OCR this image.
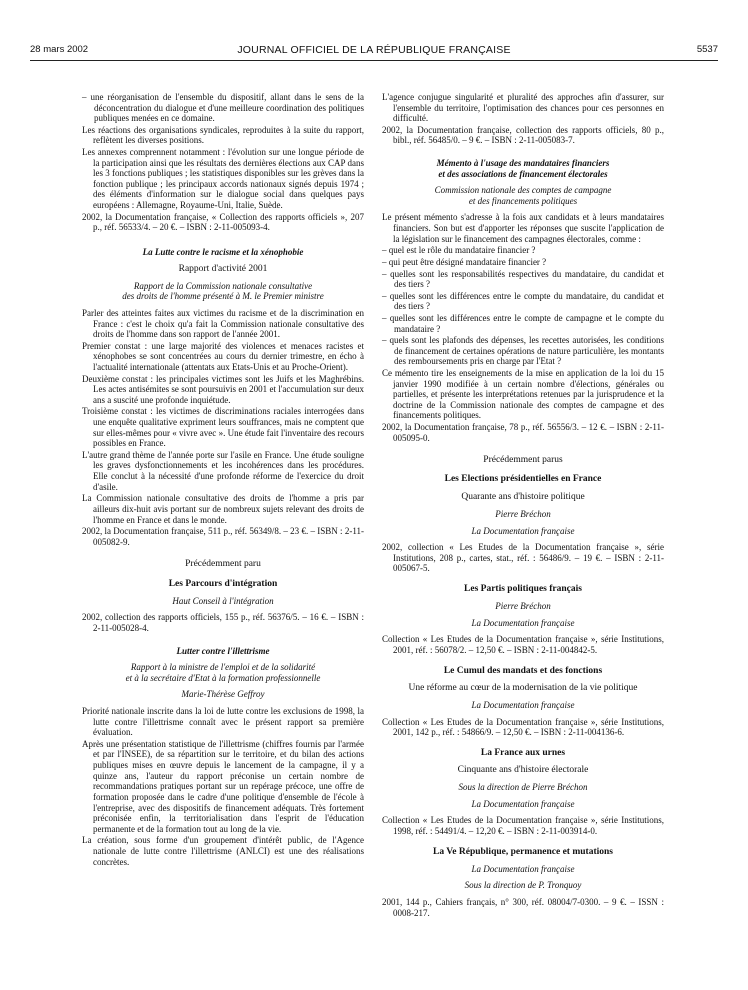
28 mars 2002	JOURNAL OFFICIEL DE LA RÉPUBLIQUE FRANÇAISE	5537

– une réorganisation de l'ensemble du dispositif, allant dans le sens de la déconcentration du dialogue et d'une meilleure coordination des politiques publiques menées en ce domaine.

Les réactions des organisations syndicales, reproduites à la suite du rapport, reflètent les diverses positions.

Les annexes comprennent notamment : l'évolution sur une longue période de la participation ainsi que les résultats des dernières élections aux CAP dans les 3 fonctions publiques ; les statistiques disponibles sur les grèves dans la fonction publique ; les principaux accords nationaux signés depuis 1974 ; des éléments d'information sur le dialogue social dans quelques pays européens : Allemagne, Royaume-Uni, Italie, Suède.

2002, la Documentation française, « Collection des rapports officiels », 207 p., réf. 56533/4. – 20 €. – ISBN : 2-11-005093-4.

La Lutte contre le racisme et la xénophobie
Rapport d'activité 2001
Rapport de la Commission nationale consultative
des droits de l'homme présenté à M. le Premier ministre

Parler des atteintes faites aux victimes du racisme et de la discrimination en France : c'est le choix qu'a fait la Commission nationale consultative des droits de l'homme dans son rapport de l'année 2001.

Premier constat : une large majorité des violences et menaces racistes et xénophobes se sont concentrées au cours du dernier trimestre, en écho à l'actualité internationale (attentats aux Etats-Unis et au Proche-Orient).

Deuxième constat : les principales victimes sont les Juifs et les Maghrébins. Les actes antisémites se sont poursuivis en 2001 et l'accumulation sur deux ans a suscité une profonde inquiétude.

Troisième constat : les victimes de discriminations raciales interrogées dans une enquête qualitative expriment leurs souffrances, mais ne comptent que sur elles-mêmes pour « vivre avec ». Une étude fait l'inventaire des recours possibles en France.

L'autre grand thème de l'année porte sur l'asile en France. Une étude souligne les graves dysfonctionnements et les incohérences dans les procédures. Elle conclut à la nécessité d'une profonde réforme de l'exercice du droit d'asile.

La Commission nationale consultative des droits de l'homme a pris par ailleurs dix-huit avis portant sur de nombreux sujets relevant des droits de l'homme en France et dans le monde.

2002, la Documentation française, 511 p., réf. 56349/8. – 23 €. – ISBN : 2-11-005082-9.

Précédemment paru
Les Parcours d'intégration
Haut Conseil à l'intégration

2002, collection des rapports officiels, 155 p., réf. 56376/5. – 16 €. – ISBN : 2-11-005028-4.

Lutter contre l'illettrisme
Rapport à la ministre de l'emploi et de la solidarité
et à la secrétaire d'Etat à la formation professionnelle
Marie-Thérèse Geffroy

Priorité nationale inscrite dans la loi de lutte contre les exclusions de 1998, la lutte contre l'illettrisme connaît avec le présent rapport sa première évaluation.

Après une présentation statistique de l'illettrisme (chiffres fournis par l'armée et par l'INSEE), de sa répartition sur le territoire, et du bilan des actions publiques mises en œuvre depuis le lancement de la campagne, il y a quinze ans, l'auteur du rapport préconise un certain nombre de recommandations pratiques portant sur un repérage précoce, une offre de formation proposée dans le cadre d'une politique d'ensemble de l'école à l'entreprise, avec des dispositifs de financement adéquats. Très fortement préconisée enfin, la territorialisation dans l'esprit de l'éducation permanente et de la formation tout au long de la vie.

La création, sous forme d'un groupement d'intérêt public, de l'Agence nationale de lutte contre l'illettrisme (ANLCI) est une des réalisations concrètes.

L'agence conjugue singularité et pluralité des approches afin d'assurer, sur l'ensemble du territoire, l'optimisation des chances pour ces personnes en difficulté.

2002, la Documentation française, collection des rapports officiels, 80 p., bibl., réf. 56485/0. – 9 €. – ISBN : 2-11-005083-7.

Mémento à l'usage des mandataires financiers
et des associations de financement électorales
Commission nationale des comptes de campagne
et des financements politiques

Le présent mémento s'adresse à la fois aux candidats et à leurs mandataires financiers. Son but est d'apporter les réponses que suscite l'application de la législation sur le financement des campagnes électorales, comme :

– quel est le rôle du mandataire financier ?

– qui peut être désigné mandataire financier ?

– quelles sont les responsabilités respectives du mandataire, du candidat et des tiers ?

– quelles sont les différences entre le compte du mandataire, du candidat et des tiers ?

– quelles sont les différences entre le compte de campagne et le compte du mandataire ?

– quels sont les plafonds des dépenses, les recettes autorisées, les conditions de financement de certaines opérations de nature particulière, les montants des remboursements pris en charge par l'Etat ?

Ce mémento tire les enseignements de la mise en application de la loi du 15 janvier 1990 modifiée à un certain nombre d'élections, générales ou partielles, et présente les interprétations retenues par la jurisprudence et la doctrine de la Commission nationale des comptes de campagne et des financements politiques.

2002, la Documentation française, 78 p., réf. 56556/3. – 12 €. – ISBN : 2-11-005095-0.

Précédemment parus
Les Elections présidentielles en France
Quarante ans d'histoire politique
Pierre Bréchon
La Documentation française

2002, collection « Les Etudes de la Documentation française », série Institutions, 208 p., cartes, stat., réf. : 56486/9. – 19 €. – ISBN : 2-11-005067-5.

Les Partis politiques français
Pierre Bréchon
La Documentation française

Collection « Les Etudes de la Documentation française », série Institutions, 2001, réf. : 56078/2. – 12,50 €. – ISBN : 2-11-004842-5.

Le Cumul des mandats et des fonctions
Une réforme au cœur de la modernisation de la vie politique
La Documentation française

Collection « Les Etudes de la Documentation française », série Institutions, 2001, 142 p., réf. : 54866/9. – 12,50 €. – ISBN : 2-11-004136-6.

La France aux urnes
Cinquante ans d'histoire électorale
Sous la direction de Pierre Bréchon
La Documentation française

Collection « Les Etudes de la Documentation française », série Institutions, 1998, réf. : 54491/4. – 12,20 €. – ISBN : 2-11-003914-0.

La Ve République, permanence et mutations
La Documentation française
Sous la direction de P. Tronquoy

2001, 144 p., Cahiers français, n° 300, réf. 08004/7-0300. – 9 €. – ISSN : 0008-217.
